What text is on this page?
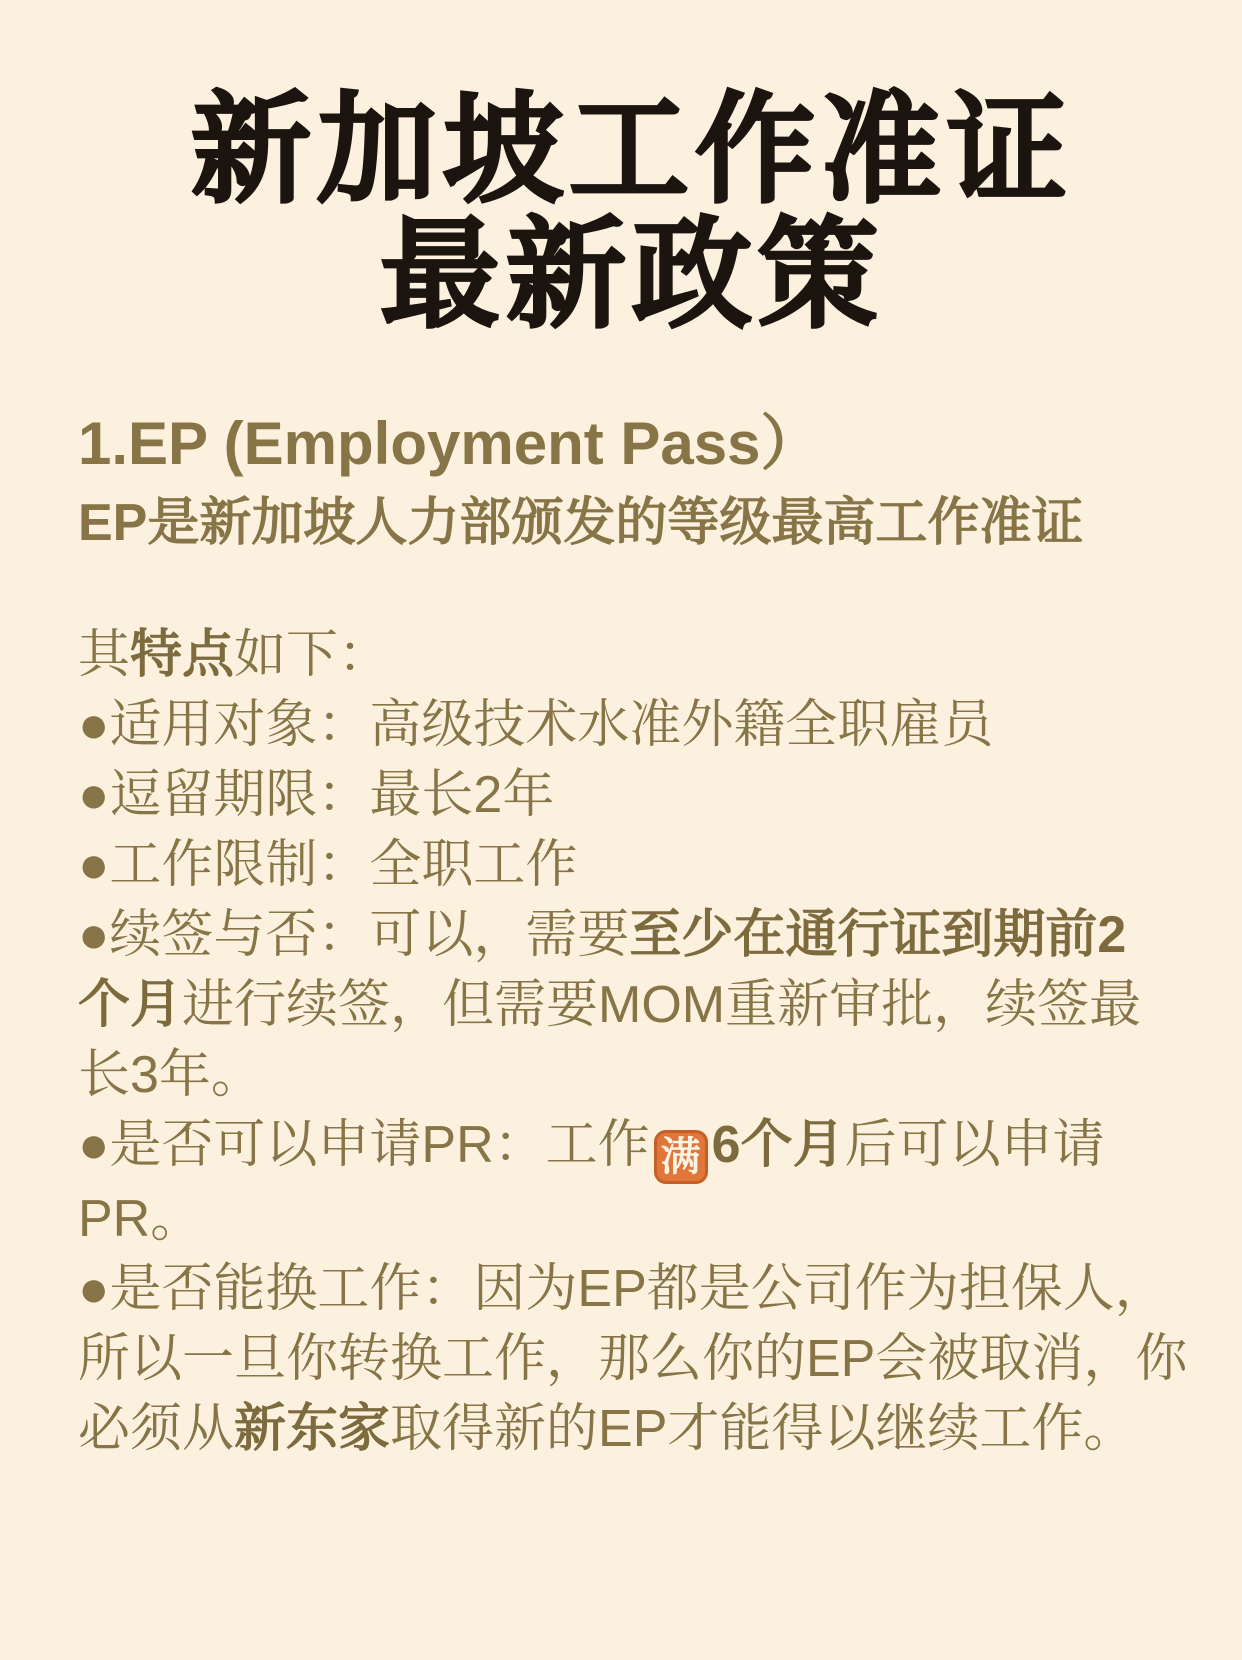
新加坡工作准证
最新政策
1.EP (Employment Pass）
EP是新加坡人力部颁发的等级最高工作准证
其特点如下：
●适用对象：高级技术水准外籍全职雇员
●逗留期限：最长2年
●工作限制：全职工作
●续签与否：可以，需要至少在通行证到期前2
个月进行续签，但需要MOM重新审批，续签最
长3年。
●是否可以申请PR：工作 满 6个月后可以申请
PR。
●是否能换工作：因为EP都是公司作为担保人，
所以一旦你转换工作，那么你的EP会被取消，你
必须从新东家取得新的EP才能得以继续工作。
